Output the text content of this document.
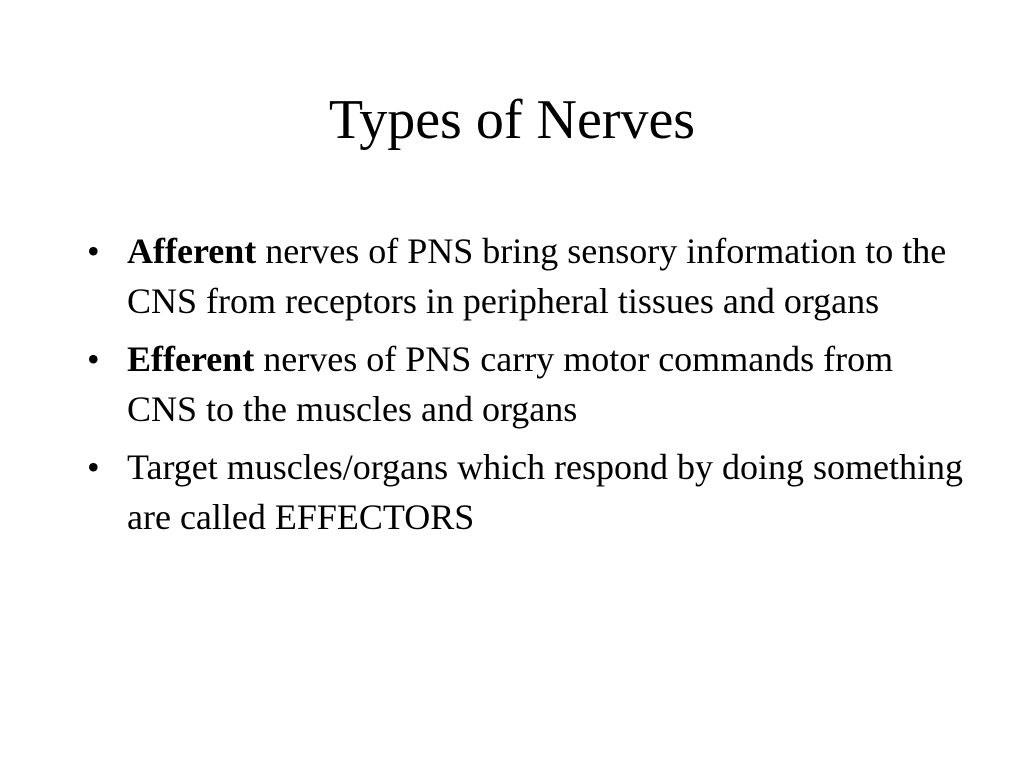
Types of Nerves
• Afferent nerves of PNS bring sensory information to the CNS from receptors in peripheral tissues and organs
• Efferent nerves of PNS carry motor commands from CNS to the muscles and organs
• Target muscles/organs which respond by doing something are called EFFECTORS
